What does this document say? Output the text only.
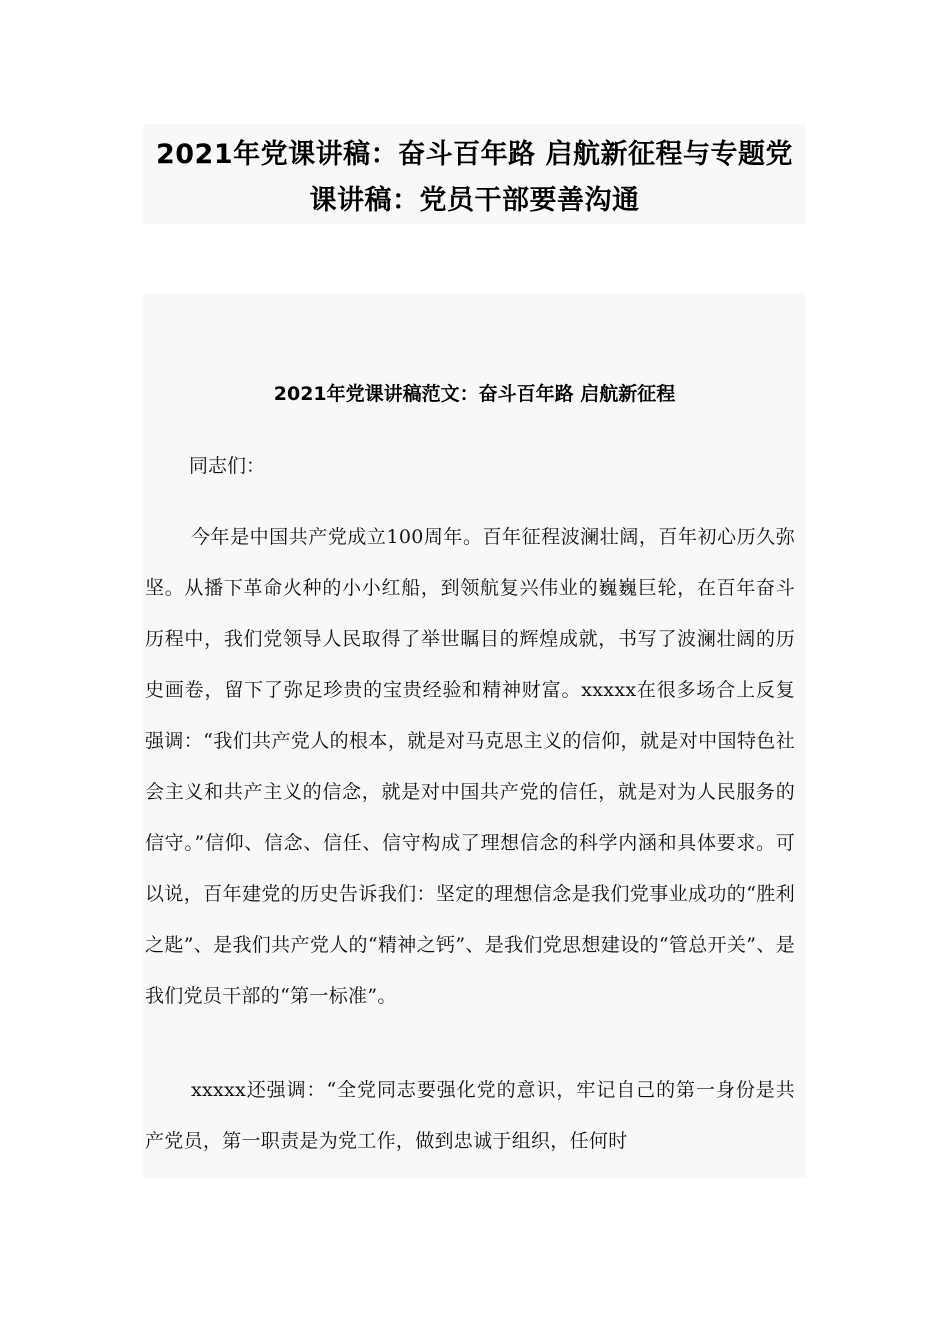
2021年党课讲稿：奋斗百年路 启航新征程与专题党课讲稿：党员干部要善沟通
2021年党课讲稿范文：奋斗百年路 启航新征程

同志们：

今年是中国共产党成立100周年。百年征程波澜壮阔，百年初心历久弥坚。从播下革命火种的小小红船，到领航复兴伟业的巍巍巨轮，在百年奋斗历程中，我们党领导人民取得了举世瞩目的辉煌成就，书写了波澜壮阔的历史画卷，留下了弥足珍贵的宝贵经验和精神财富。xxxxx在很多场合上反复强调：“我们共产党人的根本，就是对马克思主义的信仰，就是对中国特色社会主义和共产主义的信念，就是对中国共产党的信任，就是对为人民服务的信守。”信仰、信念、信任、信守构成了理想信念的科学内涵和具体要求。可以说，百年建党的历史告诉我们：坚定的理想信念是我们党事业成功的“胜利之匙”、是我们共产党人的“精神之钙”、是我们党思想建设的“管总开关”、是我们党员干部的“第一标准”。

xxxxx还强调：“全党同志要强化党的意识，牢记自己的第一身份是共产党员，第一职责是为党工作，做到忠诚于组织，任何时
